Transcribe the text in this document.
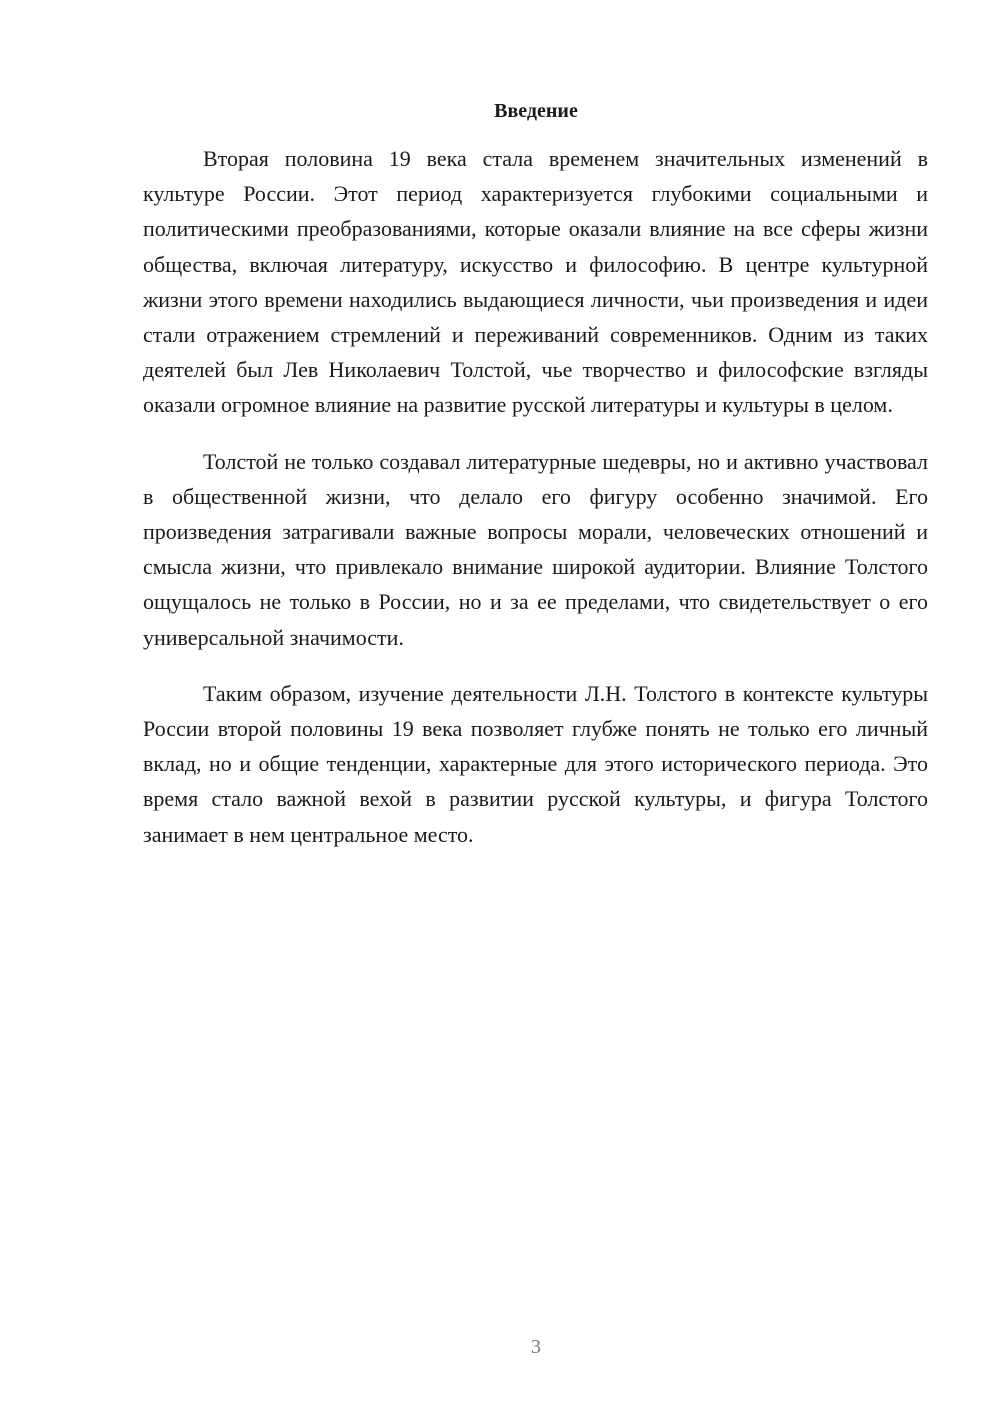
Введение

Вторая половина 19 века стала временем значительных изменений в культуре России. Этот период характеризуется глубокими социальными и политическими преобразованиями, которые оказали влияние на все сферы жизни общества, включая литературу, искусство и философию. В центре культурной жизни этого времени находились выдающиеся личности, чьи произведения и идеи стали отражением стремлений и переживаний современников. Одним из таких деятелей был Лев Николаевич Толстой, чье творчество и философские взгляды оказали огромное влияние на развитие русской литературы и культуры в целом.

Толстой не только создавал литературные шедевры, но и активно участвовал в общественной жизни, что делало его фигуру особенно значимой. Его произведения затрагивали важные вопросы морали, человеческих отношений и смысла жизни, что привлекало внимание широкой аудитории. Влияние Толстого ощущалось не только в России, но и за ее пределами, что свидетельствует о его универсальной значимости.

Таким образом, изучение деятельности Л.Н. Толстого в контексте культуры России второй половины 19 века позволяет глубже понять не только его личный вклад, но и общие тенденции, характерные для этого исторического периода. Это время стало важной вехой в развитии русской культуры, и фигура Толстого занимает в нем центральное место.

3
